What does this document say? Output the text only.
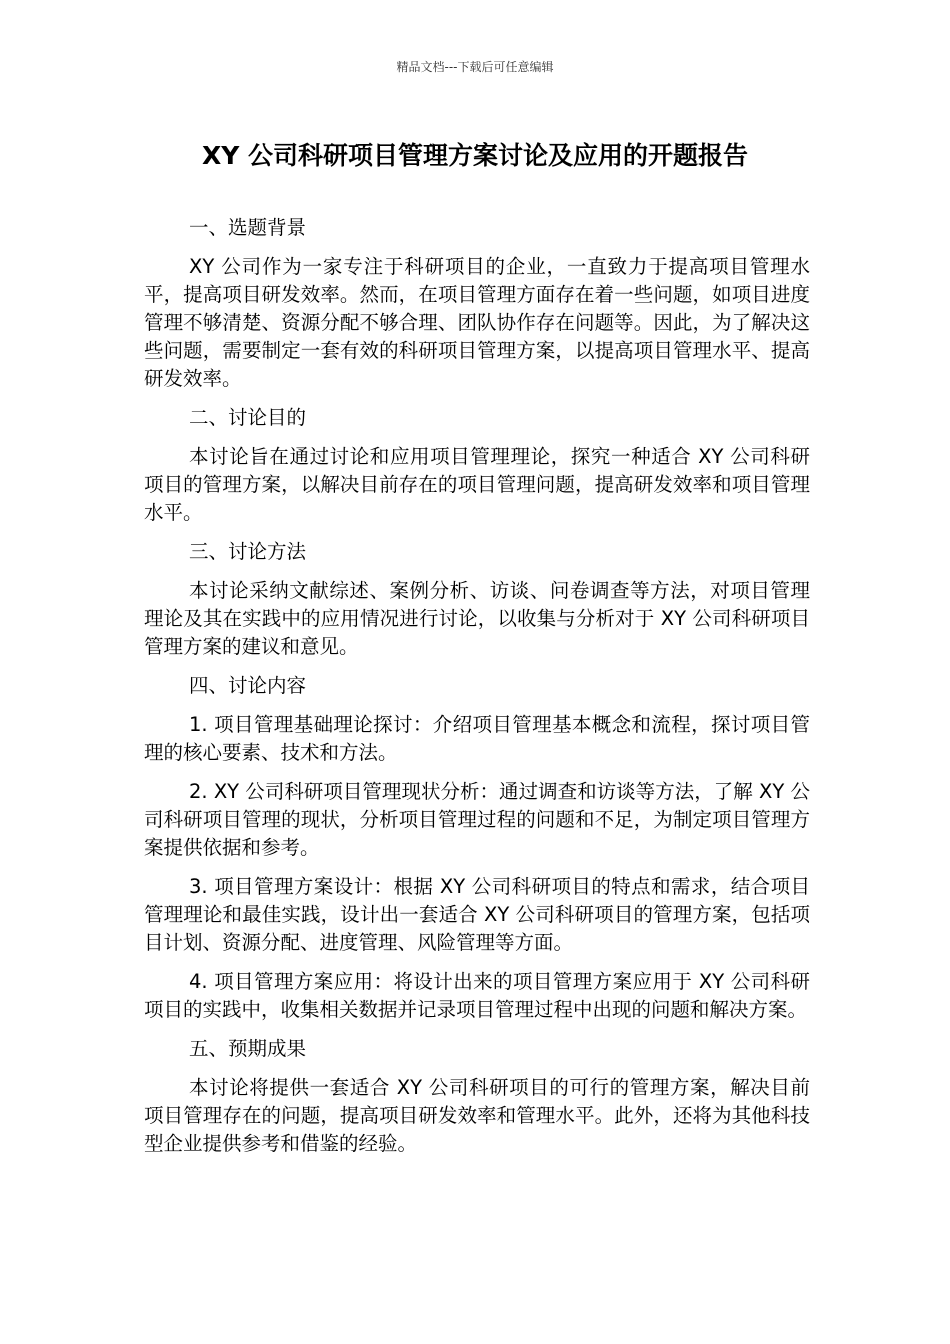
精品文档---下载后可任意编辑
XY 公司科研项目管理方案讨论及应用的开题报告
一、选题背景

XY 公司作为一家专注于科研项目的企业，一直致力于提高项目管理水平，提高项目研发效率。然而，在项目管理方面存在着一些问题，如项目进度管理不够清楚、资源分配不够合理、团队协作存在问题等。因此，为了解决这些问题，需要制定一套有效的科研项目管理方案，以提高项目管理水平、提高研发效率。

二、讨论目的

本讨论旨在通过讨论和应用项目管理理论，探究一种适合 XY 公司科研项目的管理方案，以解决目前存在的项目管理问题，提高研发效率和项目管理水平。

三、讨论方法

本讨论采纳文献综述、案例分析、访谈、问卷调查等方法，对项目管理理论及其在实践中的应用情况进行讨论，以收集与分析对于 XY 公司科研项目管理方案的建议和意见。

四、讨论内容

1. 项目管理基础理论探讨：介绍项目管理基本概念和流程，探讨项目管理的核心要素、技术和方法。

2. XY 公司科研项目管理现状分析：通过调查和访谈等方法，了解 XY 公司科研项目管理的现状，分析项目管理过程的问题和不足，为制定项目管理方案提供依据和参考。

3. 项目管理方案设计：根据 XY 公司科研项目的特点和需求，结合项目管理理论和最佳实践，设计出一套适合 XY 公司科研项目的管理方案，包括项目计划、资源分配、进度管理、风险管理等方面。

4. 项目管理方案应用：将设计出来的项目管理方案应用于 XY 公司科研项目的实践中，收集相关数据并记录项目管理过程中出现的问题和解决方案。

五、预期成果

本讨论将提供一套适合 XY 公司科研项目的可行的管理方案，解决目前项目管理存在的问题，提高项目研发效率和管理水平。此外，还将为其他科技型企业提供参考和借鉴的经验。
